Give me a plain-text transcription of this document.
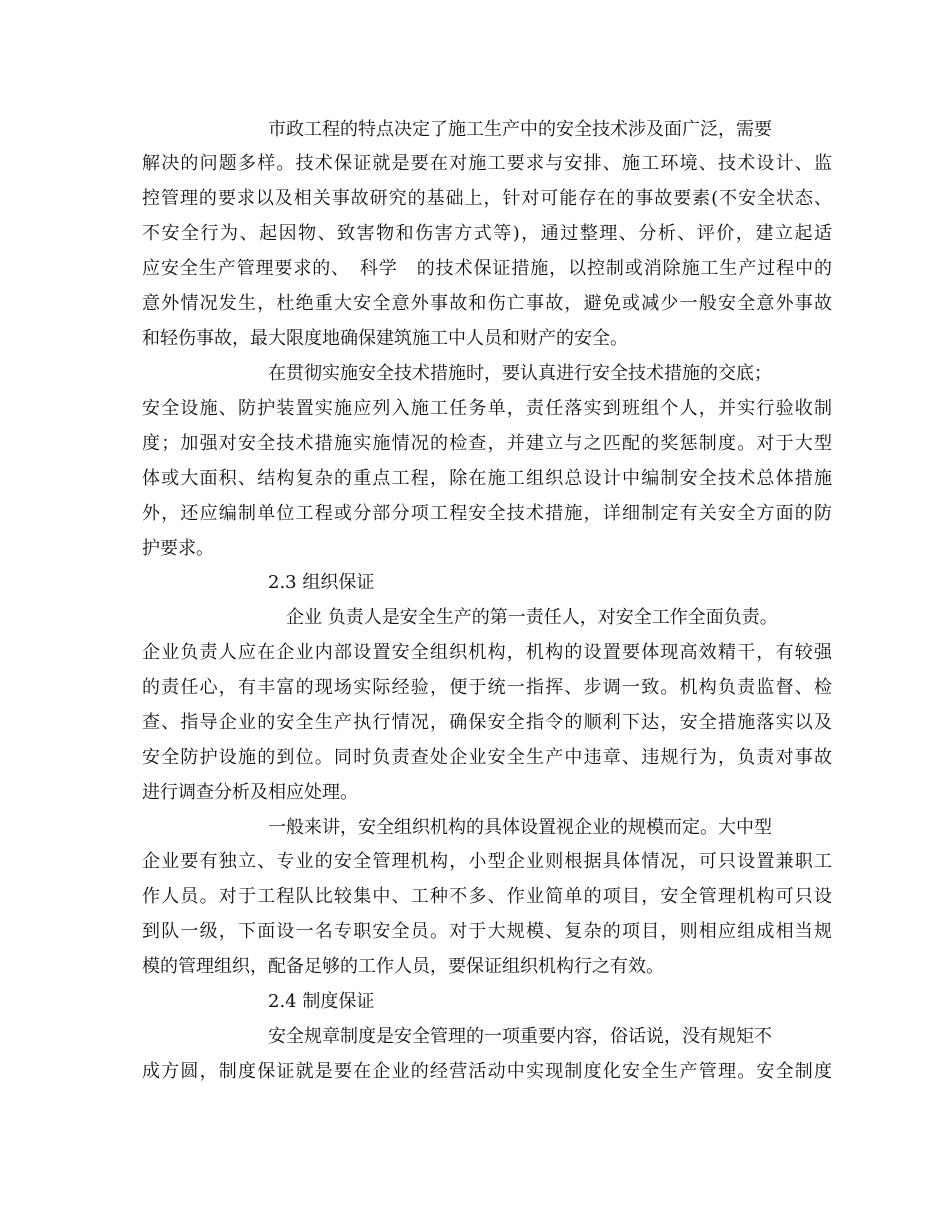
　　　　　　　市政工程的特点决定了施工生产中的安全技术涉及面广泛，需要
解决的问题多样。技术保证就是要在对施工要求与安排、施工环境、技术设计、监
控管理的要求以及相关事故研究的基础上，针对可能存在的事故要素(不安全状态、
不安全行为、起因物、致害物和伤害方式等)，通过整理、分析、评价，建立起适
应安全生产管理要求的、　科学　的技术保证措施，以控制或消除施工生产过程中的
意外情况发生，杜绝重大安全意外事故和伤亡事故，避免或减少一般安全意外事故
和轻伤事故，最大限度地确保建筑施工中人员和财产的安全。
　　　　　　　在贯彻实施安全技术措施时，要认真进行安全技术措施的交底；
安全设施、防护装置实施应列入施工任务单，责任落实到班组个人，并实行验收制
度；加强对安全技术措施实施情况的检查，并建立与之匹配的奖惩制度。对于大型
体或大面积、结构复杂的重点工程，除在施工组织总设计中编制安全技术总体措施
外，还应编制单位工程或分部分项工程安全技术措施，详细制定有关安全方面的防
护要求。
　　　　　　　2.3 组织保证
　　　　　　　　企业 负责人是安全生产的第一责任人，对安全工作全面负责。
企业负责人应在企业内部设置安全组织机构，机构的设置要体现高效精干，有较强
的责任心，有丰富的现场实际经验，便于统一指挥、步调一致。机构负责监督、检
查、指导企业的安全生产执行情况，确保安全指令的顺利下达，安全措施落实以及
安全防护设施的到位。同时负责查处企业安全生产中违章、违规行为，负责对事故
进行调查分析及相应处理。
　　　　　　　一般来讲，安全组织机构的具体设置视企业的规模而定。大中型
企业要有独立、专业的安全管理机构，小型企业则根据具体情况，可只设置兼职工
作人员。对于工程队比较集中、工种不多、作业简单的项目，安全管理机构可只设
到队一级，下面设一名专职安全员。对于大规模、复杂的项目，则相应组成相当规
模的管理组织，配备足够的工作人员，要保证组织机构行之有效。
　　　　　　　2.4 制度保证
　　　　　　　安全规章制度是安全管理的一项重要内容，俗话说，没有规矩不
成方圆，制度保证就是要在企业的经营活动中实现制度化安全生产管理。安全制度
